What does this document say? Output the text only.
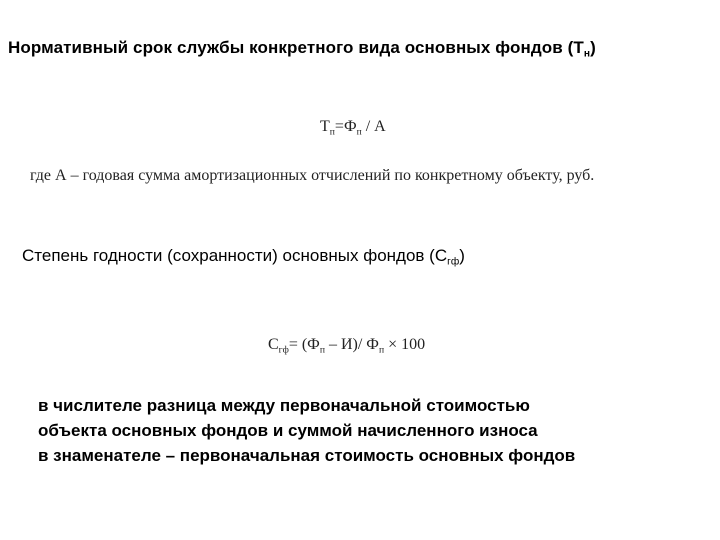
Нормативный срок службы конкретного вида основных фондов $(Т_н)$
$Т_п=Ф_п / А$
где А – годовая сумма амортизационных отчислений по конкретному объекту, руб.
Степень годности (сохранности) основных фондов $(С_{гф})$
$С_{гф}= (Ф_п - И)/$ $Ф_п \times 100$
в числителе разница между первоначальной стоимостью
объекта основных фондов и суммой начисленного износа
в знаменателе – первоначальная стоимость основных фондов
